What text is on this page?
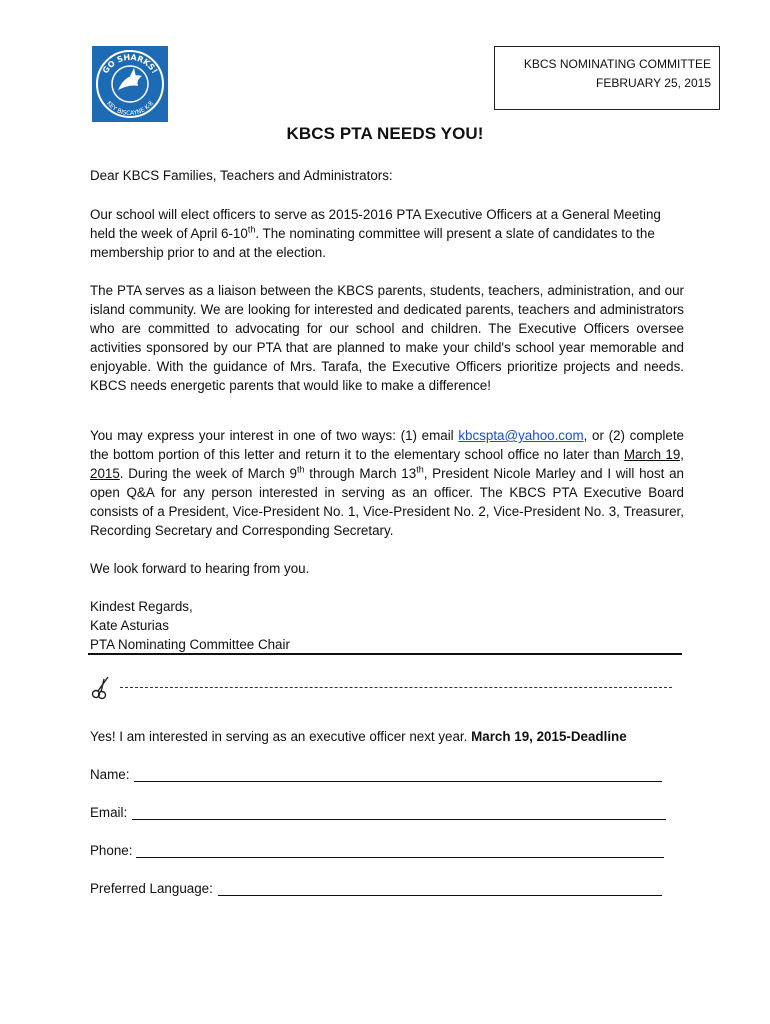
GO SHARKS!
KEY BISCAYNE K-8
KBCS NOMINATING COMMITTEE
FEBRUARY 25, 2015
KBCS PTA NEEDS YOU!
Dear KBCS Families, Teachers and Administrators:
Our school will elect officers to serve as 2015-2016 PTA Executive Officers at a General Meeting held the week of April 6-10th. The nominating committee will present a slate of candidates to the membership prior to and at the election.
The PTA serves as a liaison between the KBCS parents, students, teachers, administration, and our island community. We are looking for interested and dedicated parents, teachers and administrators who are committed to advocating for our school and children. The Executive Officers oversee activities sponsored by our PTA that are planned to make your child's school year memorable and enjoyable. With the guidance of Mrs. Tarafa, the Executive Officers prioritize projects and needs. KBCS needs energetic parents that would like to make a difference!
You may express your interest in one of two ways: (1) email kbcspta@yahoo.com, or (2) complete the bottom portion of this letter and return it to the elementary school office no later than March 19, 2015. During the week of March 9th through March 13th, President Nicole Marley and I will host an open Q&A for any person interested in serving as an officer. The KBCS PTA Executive Board consists of a President, Vice-President No. 1, Vice-President No. 2, Vice-President No. 3, Treasurer, Recording Secretary and Corresponding Secretary.
We look forward to hearing from you.
Kindest Regards,
Kate Asturias
PTA Nominating Committee Chair
Yes! I am interested in serving as an executive officer next year. March 19, 2015-Deadline
Name:
Email:
Phone:
Preferred Language:
